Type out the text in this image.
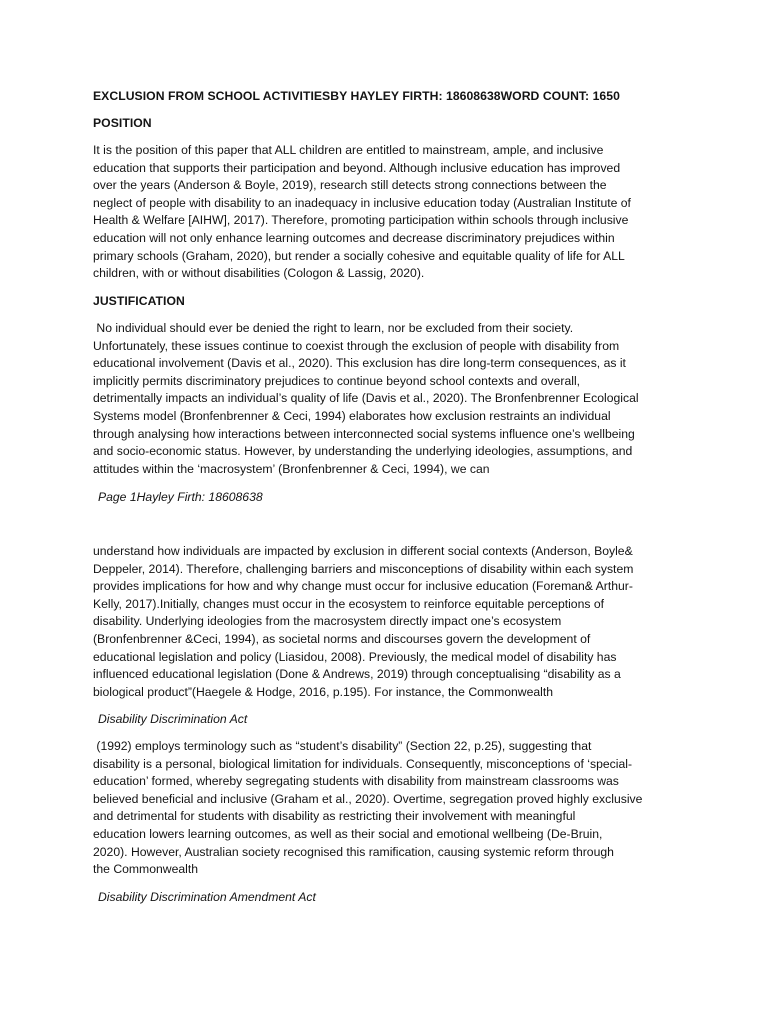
EXCLUSION FROM SCHOOL ACTIVITIESBY HAYLEY FIRTH: 18608638WORD COUNT: 1650
POSITION
It is the position of this paper that ALL children are entitled to mainstream, ample, and inclusive
education that supports their participation and beyond. Although inclusive education has improved
over the years (Anderson & Boyle, 2019), research still detects strong connections between the
neglect of people with disability to an inadequacy in inclusive education today (Australian Institute of
Health & Welfare [AIHW], 2017). Therefore, promoting participation within schools through inclusive
education will not only enhance learning outcomes and decrease discriminatory prejudices within
primary schools (Graham, 2020), but render a socially cohesive and equitable quality of life for ALL
children, with or without disabilities (Cologon & Lassig, 2020).
JUSTIFICATION
No individual should ever be denied the right to learn, nor be excluded from their society.
Unfortunately, these issues continue to coexist through the exclusion of people with disability from
educational involvement (Davis et al., 2020). This exclusion has dire long-term consequences, as it
implicitly permits discriminatory prejudices to continue beyond school contexts and overall,
detrimentally impacts an individual’s quality of life (Davis et al., 2020). The Bronfenbrenner Ecological
Systems model (Bronfenbrenner & Ceci, 1994) elaborates how exclusion restraints an individual
through analysing how interactions between interconnected social systems influence one’s wellbeing
and socio-economic status. However, by understanding the underlying ideologies, assumptions, and
attitudes within the ‘macrosystem’ (Bronfenbrenner & Ceci, 1994), we can
Page 1Hayley Firth: 18608638
understand how individuals are impacted by exclusion in different social contexts (Anderson, Boyle&
Deppeler, 2014). Therefore, challenging barriers and misconceptions of disability within each system
provides implications for how and why change must occur for inclusive education (Foreman& Arthur-
Kelly, 2017).Initially, changes must occur in the ecosystem to reinforce equitable perceptions of
disability. Underlying ideologies from the macrosystem directly impact one’s ecosystem
(Bronfenbrenner &Ceci, 1994), as societal norms and discourses govern the development of
educational legislation and policy (Liasidou, 2008). Previously, the medical model of disability has
influenced educational legislation (Done & Andrews, 2019) through conceptualising “disability as a
biological product”(Haegele & Hodge, 2016, p.195). For instance, the Commonwealth
Disability Discrimination Act
(1992) employs terminology such as “student’s disability” (Section 22, p.25), suggesting that
disability is a personal, biological limitation for individuals. Consequently, misconceptions of ‘special-
education’ formed, whereby segregating students with disability from mainstream classrooms was
believed beneficial and inclusive (Graham et al., 2020). Overtime, segregation proved highly exclusive
and detrimental for students with disability as restricting their involvement with meaningful
education lowers learning outcomes, as well as their social and emotional wellbeing (De-Bruin,
2020). However, Australian society recognised this ramification, causing systemic reform through
the Commonwealth
Disability Discrimination Amendment Act
